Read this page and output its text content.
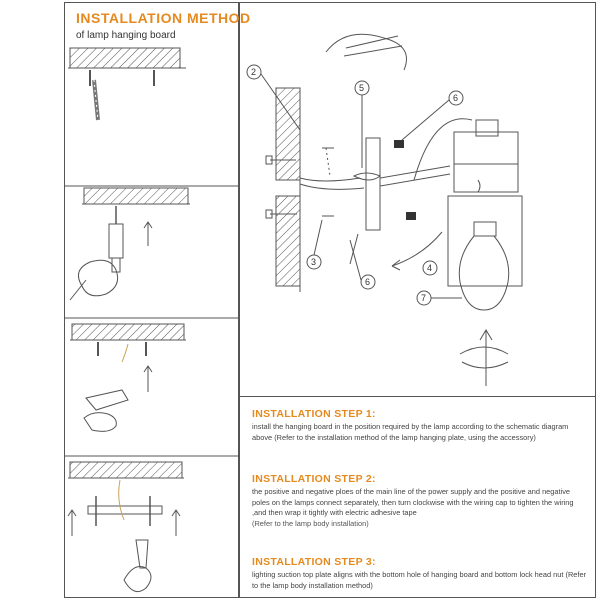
INSTALLATION METHOD
of lamp hanging board
2
5
6
3
6
4
7
INSTALLATION STEP 1:
install the hanging board in the position required by the lamp according to the schematic diagram above (Refer to the installation method of the lamp hanging plate, using the accessory)
INSTALLATION STEP 2:
the positive and negative ploes of the main line of the power supply and the positive and negative poles on the lamps connect separately, then turn clockwise with the wiring cap to tighten the wiring ,and then wrap it tightly with electric adhesive tape
(Refer to the lamp body installation)
INSTALLATION STEP 3:
lighting suction top plate aligns with the bottom hole of hanging board and bottom lock head nut (Refer to the lamp body installation method)
